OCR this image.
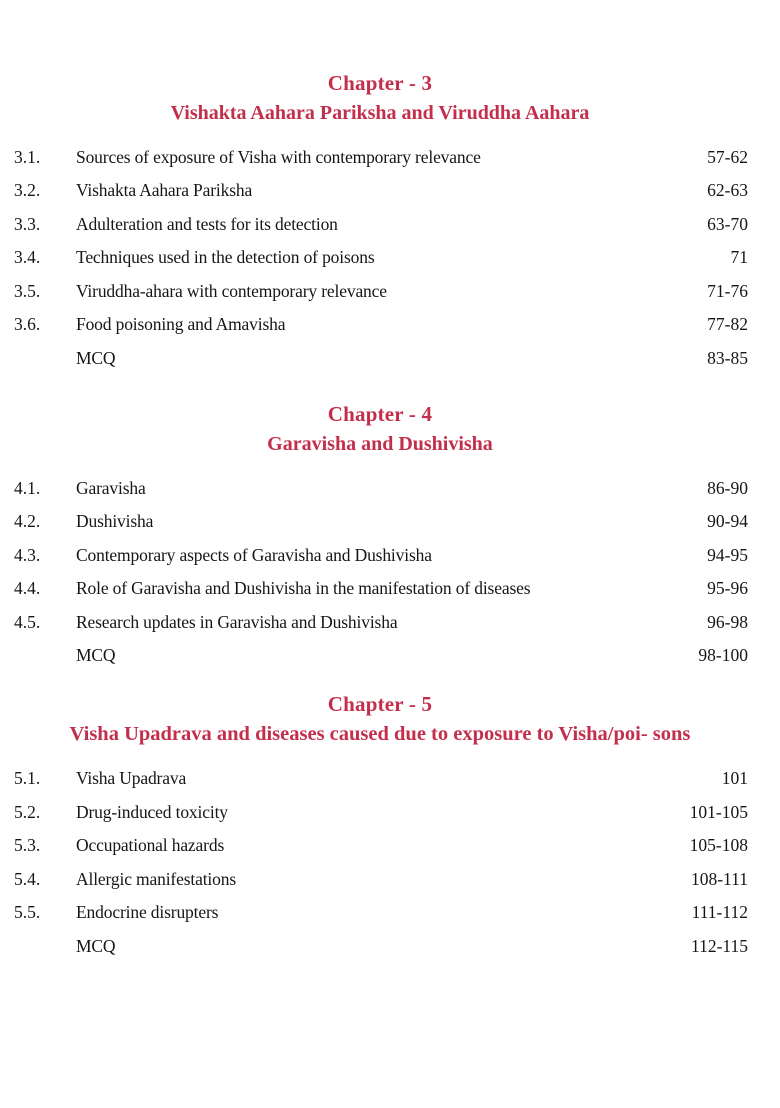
Chapter - 3
Vishakta Aahara Pariksha and Viruddha Aahara
3.1.	Sources of exposure of Visha with contemporary relevance	57-62
3.2.	Vishakta Aahara Pariksha	62-63
3.3.	Adulteration and tests for its detection	63-70
3.4.	Techniques used in the detection of poisons	71
3.5.	Viruddha-ahara with contemporary relevance	71-76
3.6.	Food poisoning and Amavisha	77-82
MCQ	83-85
Chapter - 4
Garavisha and Dushivisha
4.1.	Garavisha	86-90
4.2.	Dushivisha	90-94
4.3.	Contemporary aspects of Garavisha and Dushivisha	94-95
4.4.	Role of Garavisha and Dushivisha in the manifestation of diseases	95-96
4.5.	Research updates in Garavisha and Dushivisha	96-98
MCQ	98-100
Chapter - 5
Visha Upadrava and diseases caused due to exposure to Visha/poi- sons
5.1.	Visha Upadrava	101
5.2.	Drug-induced toxicity	101-105
5.3.	Occupational hazards	105-108
5.4.	Allergic manifestations	108-111
5.5.	Endocrine disrupters	111-112
MCQ	112-115
